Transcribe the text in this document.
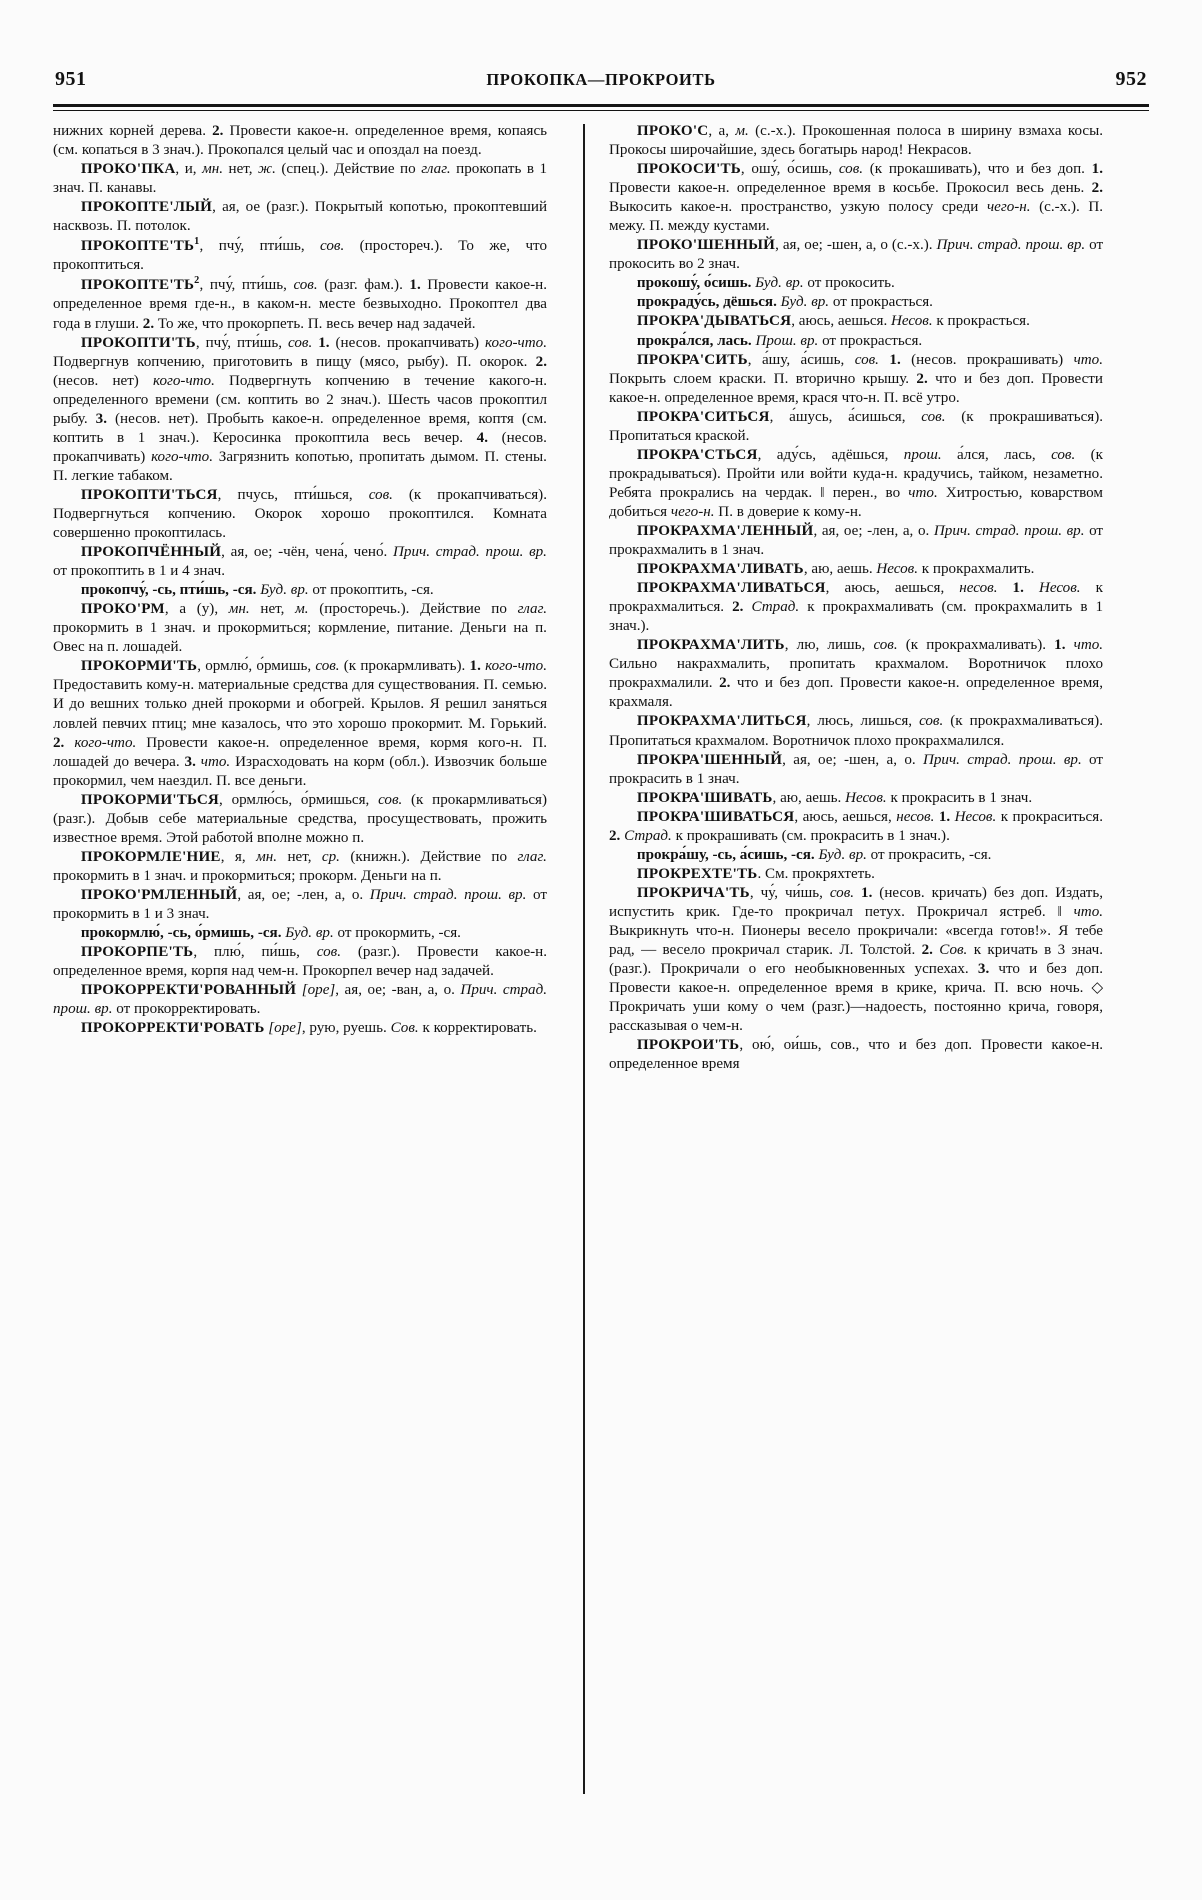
951	ПРОКОПКА—ПРОКРОИТЬ	952

нижних корней дерева. 2. Провести какое-н. определенное время, копаясь (см. копаться в 3 знач.). Прокопался целый час и опоздал на поезд.

ПРОКО'ПКА, и, мн. нет, ж. (спец.). Действие по глаг. прокопать в 1 знач. П. канавы.

ПРОКОПТЕ'ЛЫЙ, ая, ое (разг.). Покрытый копотью, прокоптевший насквозь. П. потолок.

$ПРОКОПТЕ'ТЬ^1$, пчу́, пти́шь, сов. (простореч.). То же, что прокоптиться.

$ПРОКОПТЕ'ТЬ^2$, пчу́, пти́шь, сов. (разг. фам.). 1. Провести какое-н. определенное время где-н., в каком-н. месте безвыходно. Прокоптел два года в глуши. 2. То же, что прокорпеть. П. весь вечер над задачей.

ПРОКОПТИ'ТЬ, пчу́, пти́шь, сов. 1. (несов. прокапчивать) кого-что. Подвергнув копчению, приготовить в пищу (мясо, рыбу). П. окорок. 2. (несов. нет) кого-что. Подвергнуть копчению в течение какого-н. определенного времени (см. коптить во 2 знач.). Шесть часов прокоптил рыбу. 3. (несов. нет). Пробыть какое-н. определенное время, коптя (см. коптить в 1 знач.). Керосинка прокоптила весь вечер. 4. (несов. прокапчивать) кого-что. Загрязнить копотью, пропитать дымом. П. стены. П. легкие табаком.

ПРОКОПТИ'ТЬСЯ, пчусь, пти́шься, сов. (к прокапчиваться). Подвергнуться копчению. Окорок хорошо прокоптился. Комната совершенно прокоптилась.

ПРОКОПЧЁННЫЙ, ая, ое; -чён, чена́, чено́. Прич. страд. прош. вр. от прокоптить в 1 и 4 знач.

прокопчу́, -сь, пти́шь, -ся. Буд. вр. от прокоптить, -ся.

ПРОКО'РМ, а (у), мн. нет, м. (просторечь.). Действие по глаг. прокормить в 1 знач. и прокормиться; кормление, питание. Деньги на п. Овес на п. лошадей.

ПРОКОРМИ'ТЬ, ормлю́, о́рмишь, сов. (к прокармливать). 1. кого-что. Предоставить кому-н. материальные средства для существования. П. семью. И до вешних только дней прокорми и обогрей. Крылов. Я решил заняться ловлей певчих птиц; мне казалось, что это хорошо прокормит. М. Горький. 2. кого-что. Провести какое-н. определенное время, кормя кого-н. П. лошадей до вечера. 3. что. Израсходовать на корм (обл.). Извозчик больше прокормил, чем наездил. П. все деньги.

ПРОКОРМИ'ТЬСЯ, ормлю́сь, о́рмишься, сов. (к прокармливаться) (разг.). Добыв себе материальные средства, просуществовать, прожить известное время. Этой работой вполне можно п.

ПРОКОРМЛЕ'НИЕ, я, мн. нет, ср. (книжн.). Действие по глаг. прокормить в 1 знач. и прокормиться; прокорм. Деньги на п.

ПРОКО'РМЛЕННЫЙ, ая, ое; -лен, а, о. Прич. страд. прош. вр. от прокормить в 1 и 3 знач.

прокормлю́, -сь, о́рмишь, -ся. Буд. вр. от прокормить, -ся.

ПРОКОРПЕ'ТЬ, плю́, пи́шь, сов. (разг.). Провести какое-н. определенное время, корпя над чем-н. Прокорпел вечер над задачей.

ПРОКОРРЕКТИ'РОВАННЫЙ [оре], ая, ое; -ван, а, о. Прич. страд. прош. вр. от прокорректировать.

ПРОКОРРЕКТИ'РОВАТЬ [оре], рую, руешь. Сов. к корректировать.

ПРОКО'С, а, м. (с.-х.). Прокошенная полоса в ширину взмаха косы. Прокосы широчайшие, здесь богатырь народ! Некрасов.

ПРОКОСИ'ТЬ, ошу́, о́сишь, сов. (к прокашивать), что и без доп. 1. Провести какое-н. определенное время в косьбе. Прокосил весь день. 2. Выкосить какое-н. пространство, узкую полосу среди чего-н. (с.-х.). П. межу. П. между кустами.

ПРОКО'ШЕННЫЙ, ая, ое; -шен, а, о (с.-х.). Прич. страд. прош. вр. от прокосить во 2 знач.

прокошу́, о́сишь. Буд. вр. от прокосить.

прокраду́сь, дёшься. Буд. вр. от прокрасться.

ПРОКРА'ДЫВАТЬСЯ, аюсь, аешься. Несов. к прокрасться.

прокра́лся, лась. Прош. вр. от прокрасться.

ПРОКРА'СИТЬ, а́шу, а́сишь, сов. 1. (несов. прокрашивать) что. Покрыть слоем краски. П. вторично крышу. 2. что и без доп. Провести какое-н. определенное время, крася что-н. П. всё утро.

ПРОКРА'СИТЬСЯ, а́шусь, а́сишься, сов. (к прокрашиваться). Пропитаться краской.

ПРОКРА'СТЬСЯ, аду́сь, адёшься, прош. а́лся, лась, сов. (к прокрадываться). Пройти или войти куда-н. крадучись, тайком, незаметно. Ребята прокрались на чердак. ‖ перен., во что. Хитростью, коварством добиться чего-н. П. в доверие к кому-н.

ПРОКРАХМА'ЛЕННЫЙ, ая, ое; -лен, а, о. Прич. страд. прош. вр. от прокрахмалить в 1 знач.

ПРОКРАХМА'ЛИВАТЬ, аю, аешь. Несов. к прокрахмалить.

ПРОКРАХМА'ЛИВАТЬСЯ, аюсь, аешься, несов. 1. Несов. к прокрахмалиться. 2. Страд. к прокрахмаливать (см. прокрахмалить в 1 знач.).

ПРОКРАХМА'ЛИТЬ, лю, лишь, сов. (к прокрахмаливать). 1. что. Сильно накрахмалить, пропитать крахмалом. Воротничок плохо прокрахмалили. 2. что и без доп. Провести какое-н. определенное время, крахмаля.

ПРОКРАХМА'ЛИТЬСЯ, люсь, лишься, сов. (к прокрахмаливаться). Пропитаться крахмалом. Воротничок плохо прокрахмалился.

ПРОКРА'ШЕННЫЙ, ая, ое; -шен, а, о. Прич. страд. прош. вр. от прокрасить в 1 знач.

ПРОКРА'ШИВАТЬ, аю, аешь. Несов. к прокрасить в 1 знач.

ПРОКРА'ШИВАТЬСЯ, аюсь, аешься, несов. 1. Несов. к прокраситься. 2. Страд. к прокрашивать (см. прокрасить в 1 знач.).

прокра́шу, -сь, а́сишь, -ся. Буд. вр. от прокрасить, -ся.

ПРОКРЕХТЕ'ТЬ. См. прокряхтеть.

ПРОКРИЧА'ТЬ, чу́, чи́шь, сов. 1. (несов. кричать) без доп. Издать, испустить крик. Где-то прокричал петух. Прокричал ястреб. ‖ что. Выкрикнуть что-н. Пионеры весело прокричали: «всегда готов!». Я тебе рад, — весело прокричал старик. Л. Толстой. 2. Сов. к кричать в 3 знач. (разг.). Прокричали о его необыкновенных успехах. 3. что и без доп. Провести какое-н. определенное время в крике, крича. П. всю ночь. ◇ Прокричать уши кому о чем (разг.)—надоесть, постоянно крича, говоря, рассказывая о чем-н.

ПРОКРОИ'ТЬ, ою́, ои́шь, сов., что и без доп. Провести какое-н. определенное время
